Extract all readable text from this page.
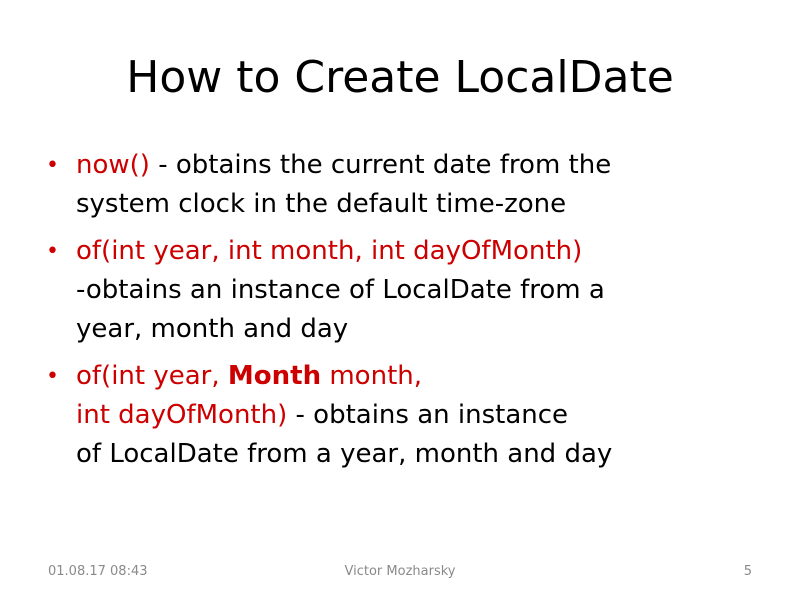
How to Create LocalDate
• now() - obtains the current date from the
system clock in the default time-zone
• of(int year, int month, int dayOfMonth)
-obtains an instance of LocalDate from a
year, month and day
• of(int year, Month month,
int dayOfMonth) - obtains an instance
of LocalDate from a year, month and day
Victor Mozharsky
01.08.17 08:43	5
